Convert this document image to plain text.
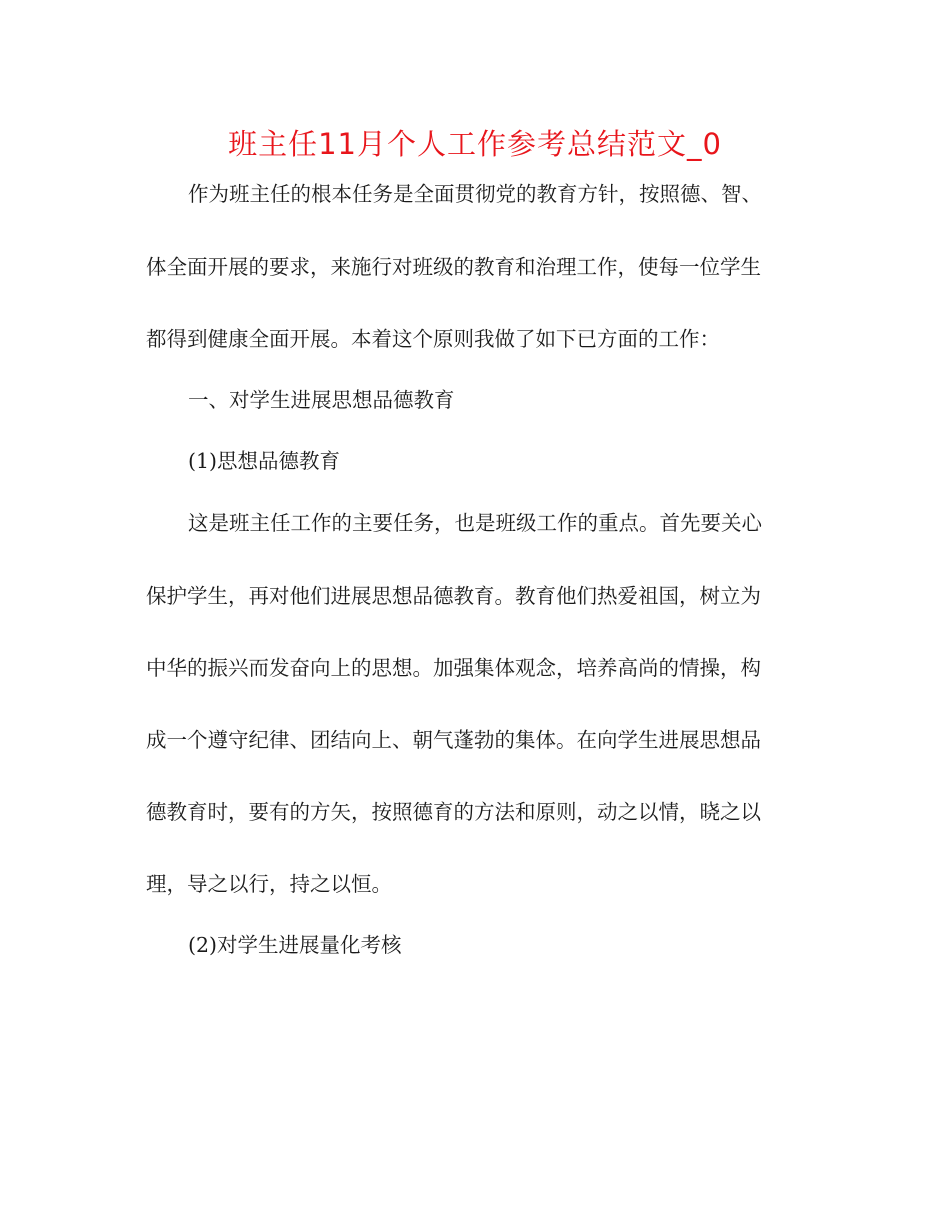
班主任11月个人工作参考总结范文_0
作为班主任的根本任务是全面贯彻党的教育方针，按照德、智、
体全面开展的要求，来施行对班级的教育和治理工作，使每一位学生
都得到健康全面开展。本着这个原则我做了如下已方面的工作：
一、对学生进展思想品德教育
(1)思想品德教育
这是班主任工作的主要任务，也是班级工作的重点。首先要关心
保护学生，再对他们进展思想品德教育。教育他们热爱祖国，树立为
中华的振兴而发奋向上的思想。加强集体观念，培养高尚的情操，构
成一个遵守纪律、团结向上、朝气蓬勃的集体。在向学生进展思想品
德教育时，要有的方矢，按照德育的方法和原则，动之以情，晓之以
理，导之以行，持之以恒。
(2)对学生进展量化考核
